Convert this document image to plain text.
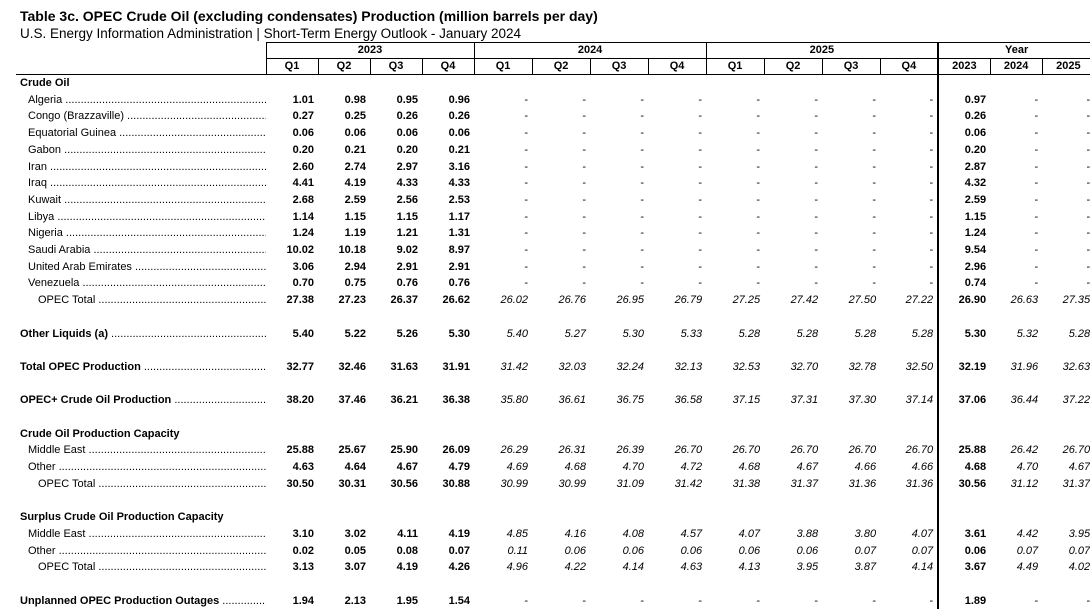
Table 3c. OPEC Crude Oil (excluding condensates) Production (million barrels per day)
U.S. Energy Information Administration | Short-Term Energy Outlook - January 2024
	2023				2024				2025				Year		
	Q1	Q2	Q3	Q4	Q1	Q2	Q3	Q4	Q1	Q2	Q3	Q4	2023	2024	2025
Crude Oil															
Algeria .....	1.01	0.98	0.95	0.96	-	-	-	-	-	-	-	-	0.97	-	-
Congo (Brazzaville) .....	0.27	0.25	0.26	0.26	-	-	-	-	-	-	-	-	0.26	-	-
Equatorial Guinea .....	0.06	0.06	0.06	0.06	-	-	-	-	-	-	-	-	0.06	-	-
Gabon .....	0.20	0.21	0.20	0.21	-	-	-	-	-	-	-	-	0.20	-	-
Iran .....	2.60	2.74	2.97	3.16	-	-	-	-	-	-	-	-	2.87	-	-
Iraq .....	4.41	4.19	4.33	4.33	-	-	-	-	-	-	-	-	4.32	-	-
Kuwait .....	2.68	2.59	2.56	2.53	-	-	-	-	-	-	-	-	2.59	-	-
Libya .....	1.14	1.15	1.15	1.17	-	-	-	-	-	-	-	-	1.15	-	-
Nigeria .....	1.24	1.19	1.21	1.31	-	-	-	-	-	-	-	-	1.24	-	-
Saudi Arabia .....	10.02	10.18	9.02	8.97	-	-	-	-	-	-	-	-	9.54	-	-
United Arab Emirates .....	3.06	2.94	2.91	2.91	-	-	-	-	-	-	-	-	2.96	-	-
Venezuela .....	0.70	0.75	0.76	0.76	-	-	-	-	-	-	-	-	0.74	-	-
OPEC Total .....	27.38	27.23	26.37	26.62	26.02	26.76	26.95	26.79	27.25	27.42	27.50	27.22	26.90	26.63	27.35

Other Liquids (a) .....	5.40	5.22	5.26	5.30	5.40	5.27	5.30	5.33	5.28	5.28	5.28	5.28	5.30	5.32	5.28

Total OPEC Production .....	32.77	32.46	31.63	31.91	31.42	32.03	32.24	32.13	32.53	32.70	32.78	32.50	32.19	31.96	32.63

OPEC+ Crude Oil Production .....	38.20	37.46	36.21	36.38	35.80	36.61	36.75	36.58	37.15	37.31	37.30	37.14	37.06	36.44	37.22

Crude Oil Production Capacity															
Middle East .....	25.88	25.67	25.90	26.09	26.29	26.31	26.39	26.70	26.70	26.70	26.70	26.70	25.88	26.42	26.70
Other .....	4.63	4.64	4.67	4.79	4.69	4.68	4.70	4.72	4.68	4.67	4.66	4.66	4.68	4.70	4.67
OPEC Total .....	30.50	30.31	30.56	30.88	30.99	30.99	31.09	31.42	31.38	31.37	31.36	31.36	30.56	31.12	31.37

Surplus Crude Oil Production Capacity															
Middle East .....	3.10	3.02	4.11	4.19	4.85	4.16	4.08	4.57	4.07	3.88	3.80	4.07	3.61	4.42	3.95
Other .....	0.02	0.05	0.08	0.07	0.11	0.06	0.06	0.06	0.06	0.06	0.07	0.07	0.06	0.07	0.07
OPEC Total .....	3.13	3.07	4.19	4.26	4.96	4.22	4.14	4.63	4.13	3.95	3.87	4.14	3.67	4.49	4.02

Unplanned OPEC Production Outages .....	1.94	2.13	1.95	1.54	-	-	-	-	-	-	-	-	1.89	-	-
